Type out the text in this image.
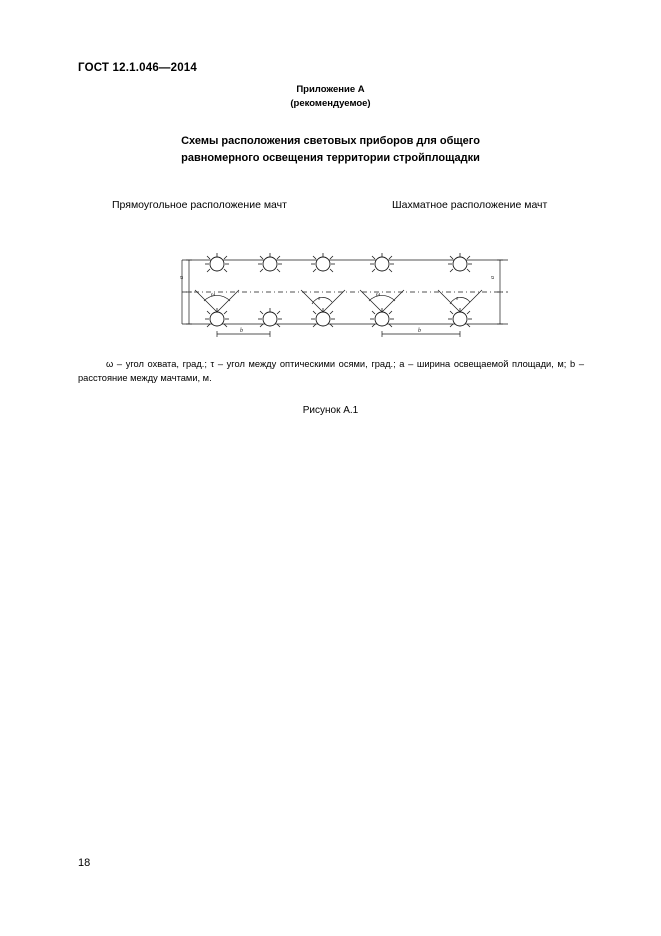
ГОСТ 12.1.046—2014
Приложение А
(рекомендуемое)
Схемы расположения световых приборов для общего
равномерного освещения территории стройплощадки
Прямоугольное расположение мачт	Шахматное расположение мачт
a	a
ω
τ
b
ω
τ
b
ω – угол охвата, град.; τ – угол между оптическими осями, град.; a – ширина освещаемой площади, м; b – расстояние между мачтами, м.
Рисунок А.1
18
